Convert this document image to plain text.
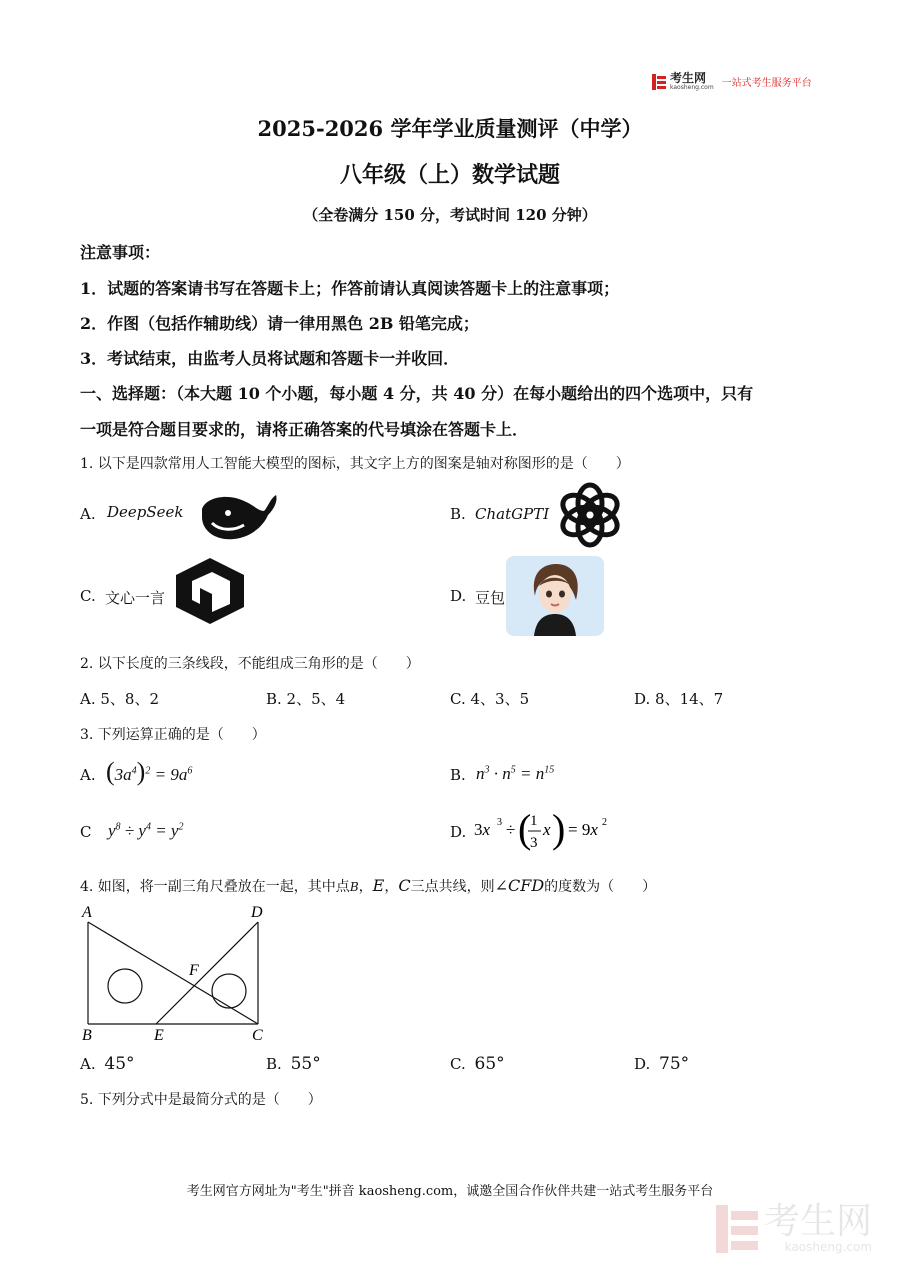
考生网
kaosheng.com 一站式考生服务平台
2025-2026 学年学业质量测评（中学）
八年级（上）数学试题
（全卷满分 150 分，考试时间 120 分钟）
注意事项：
1．试题的答案请书写在答题卡上；作答前请认真阅读答题卡上的注意事项；
2．作图（包括作辅助线）请一律用黑色 2B 铅笔完成；
3．考试结束，由监考人员将试题和答题卡一并收回．
一、选择题：（本大题 10 个小题，每小题 4 分，共 40 分）在每小题给出的四个选项中，只有
一项是符合题目要求的，请将正确答案的代号填涂在答题卡上．
1. 以下是四款常用人工智能大模型的图标，其文字上方的图案是轴对称图形的是（　　）
A. DeepSeek	B. ChatGPTI
C. 文心一言	D. 豆包
2. 以下长度的三条线段，不能组成三角形的是（　　）
A. 5、8、2	B. 2、5、4	C. 4、3、5	D. 8、14、7
3. 下列运算正确的是（　　）
A. $(3a^4)^2 = 9a^6$	B. $n^3 \cdot n^5 = n^{15}$
C $y^8 \div y^4 = y^2$	D. 3x 3 ÷ (
1
3
x ) = 9x 2
4. 如图，将一副三角尺叠放在一起，其中点 B ， E ， C 三点共线，则 ∠CFD 的度数为（　　）
A	D
F
B	E	C
A. 45°	B. 55°	C. 65°	D. 75°
5. 下列分式中是最简分式的是（　　）
考生网官方网址为"考生"拼音 kaosheng.com，诚邀全国合作伙伴共建一站式考生服务平台
考生网
kaosheng.com
